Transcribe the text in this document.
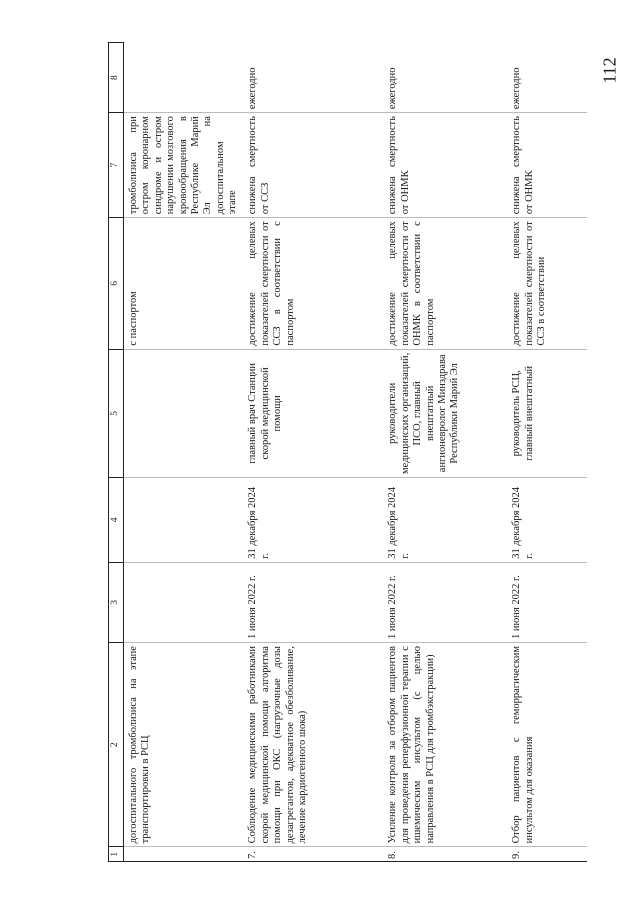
112
1	2	3	4	5	6	7	8
	догоспитального тромболизиса на этапе транспортировки в РСЦ				с паспортом	тромболизиса при остром коронарном синдроме и остром нарушении мозгового кровообращения в Республике Марий Эл на догоспитальном этапе	
7.	Соблюдение медицинскими работниками скорой медицинской помощи алгоритма помощи при ОКС (нагрузочные дозы дезагрегантов, адекватное обезболивание, лечение кардиогенного шока)	1 июня 2022 г.	31 декабря 2024 г.	главный врач Станции скорой медицинской помощи	достижение целевых показателей смертности от ССЗ в соответствии с паспортом	снижена смертность от ССЗ	ежегодно
8.	Усиление контроля за отбором пациентов для проведения реперфузионной терапии с ишемическим инсультом (с целью направления в РСЦ для тромбэкстракции)	1 июня 2022 г.	31 декабря 2024 г.	руководители медицинских организаций, ПСО, главный внештатный ангионевролог Минздрава Республики Марий Эл	достижение целевых показателей смертности от ОНМК в соответствии с паспортом	снижена смертность от ОНМК	ежегодно
9.	Отбор пациентов с геморрагическим инсультом для оказания	1 июня 2022 г.	31 декабря 2024 г.	руководитель РСЦ, главный внештатный	достижение целевых показателей смертности от ССЗ в соответствии	снижена смертность от ОНМК	ежегодно
